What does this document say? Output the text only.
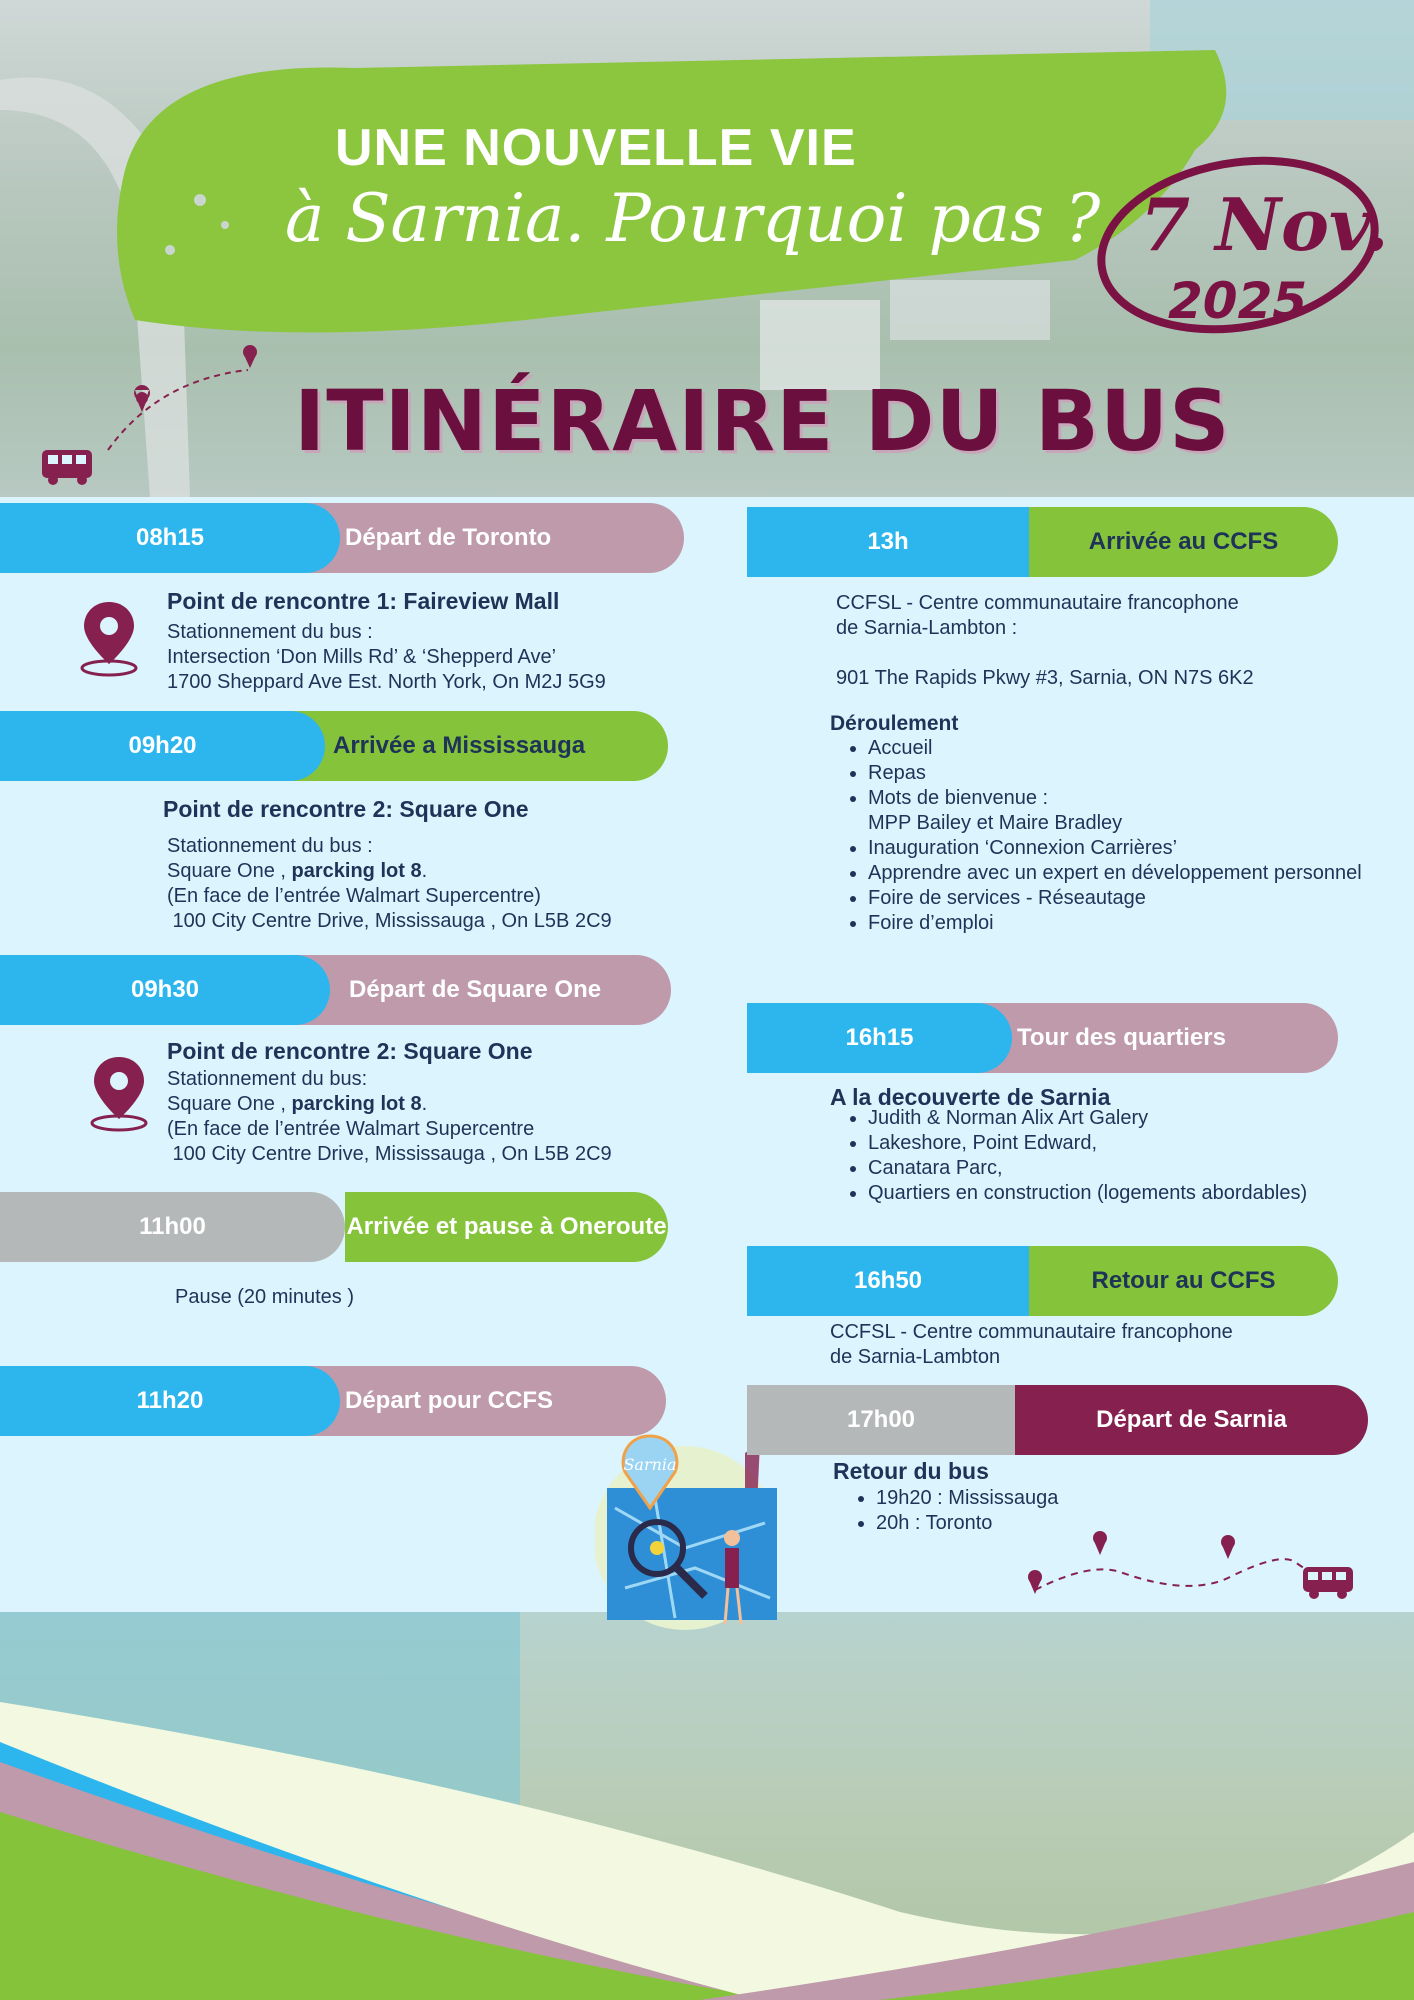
UNE NOUVELLE VIE
à Sarnia. Pourquoi pas ? 7 Nov.
2025
ITINÉRAIRE DU BUS
Départ de Toronto
08h15
Point de rencontre 1: Faireview Mall
Stationnement du bus :
Intersection ‘Don Mills Rd’ & ‘Shepperd Ave’
1700 Sheppard Ave Est. North York, On M2J 5G9
Arrivée a Mississauga
09h20
Point de rencontre 2: Square One
Stationnement du bus :
Square One , parcking lot 8.
(En face de l’entrée Walmart Supercentre)
100 City Centre Drive, Mississauga , On L5B 2C9
Départ de Square One
09h30
Point de rencontre 2: Square One
Stationnement du bus:
Square One , parcking lot 8.
(En face de l’entrée Walmart Supercentre
100 City Centre Drive, Mississauga , On L5B 2C9
Arrivée et pause à Oneroute
11h00
Pause (20 minutes )
Départ pour CCFS
11h20
Sarnia
Arrivée au CCFS
13h
CCFSL - Centre communautaire francophone
de Sarnia-Lambton :
901 The Rapids Pkwy #3, Sarnia, ON N7S 6K2
Déroulement
• Accueil
• Repas
• Mots de bienvenue :
MPP Bailey et Maire Bradley
• Inauguration ‘Connexion Carrières’
• Apprendre avec un expert en développement personnel
• Foire de services - Réseautage
• Foire d’emploi
Tour des quartiers
16h15
A la decouverte de Sarnia
• Judith & Norman Alix Art Galery
• Lakeshore, Point Edward,
• Canatara Parc,
• Quartiers en construction (logements abordables)
Retour au CCFS
16h50
CCFSL - Centre communautaire francophone
de Sarnia-Lambton
Départ de Sarnia
17h00
Retour du bus
• 19h20 : Mississauga
• 20h : Toronto
